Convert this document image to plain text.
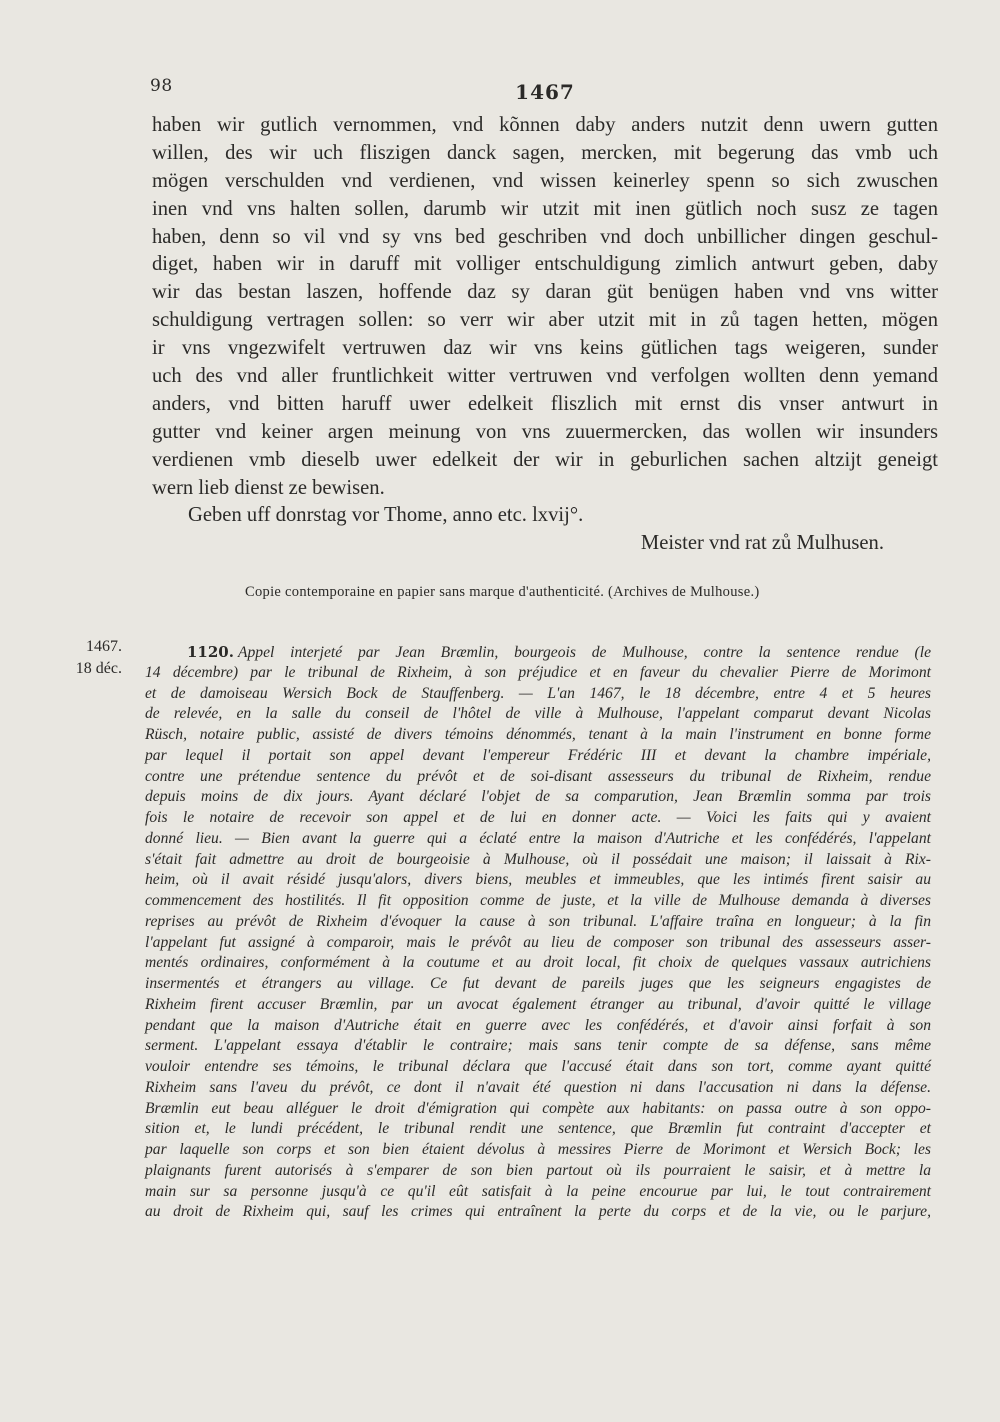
98	1467
haben wir gutlich vernommen, vnd kõnnen daby anders nutzit denn uwern gutten
willen, des wir uch fliszigen danck sagen, mercken, mit begerung das vmb uch
mögen verschulden vnd verdienen, vnd wissen keinerley spenn so sich zwuschen
inen vnd vns halten sollen, darumb wir utzit mit inen gütlich noch susz ze tagen
haben, denn so vil vnd sy vns bed geschriben vnd doch unbillicher dingen geschul-
diget, haben wir in daruff mit volliger entschuldigung zimlich antwurt geben, daby
wir das bestan laszen, hoffende daz sy daran güt benügen haben vnd vns witter
schuldigung vertragen sollen: so verr wir aber utzit mit in zů tagen hetten, mögen
ir vns vngezwifelt vertruwen daz wir vns keins gütlichen tags weigeren, sunder
uch des vnd aller fruntlichkeit witter vertruwen vnd verfolgen wollten denn yemand
anders, vnd bitten haruff uwer edelkeit fliszlich mit ernst dis vnser antwurt in
gutter vnd keiner argen meinung von vns zuuermercken, das wollen wir insunders
verdienen vmb dieselb uwer edelkeit der wir in geburlichen sachen altzijt geneigt
wern lieb dienst ze bewisen.
Geben uff donrstag vor Thome, anno etc. lxvij°.
Meister vnd rat zů Mulhusen.
Copie contemporaine en papier sans marque d'authenticité. (Archives de Mulhouse.)
1467.
18 déc.
1120. Appel interjeté par Jean Bræmlin, bourgeois de Mulhouse, contre la sentence rendue (le
14 décembre) par le tribunal de Rixheim, à son préjudice et en faveur du chevalier Pierre de Morimont
et de damoiseau Wersich Bock de Stauffenberg. — L'an 1467, le 18 décembre, entre 4 et 5 heures
de relevée, en la salle du conseil de l'hôtel de ville à Mulhouse, l'appelant comparut devant Nicolas
Rüsch, notaire public, assisté de divers témoins dénommés, tenant à la main l'instrument en bonne forme
par lequel il portait son appel devant l'empereur Frédéric III et devant la chambre impériale,
contre une prétendue sentence du prévôt et de soi-disant assesseurs du tribunal de Rixheim, rendue
depuis moins de dix jours. Ayant déclaré l'objet de sa comparution, Jean Bræmlin somma par trois
fois le notaire de recevoir son appel et de lui en donner acte. — Voici les faits qui y avaient
donné lieu. — Bien avant la guerre qui a éclaté entre la maison d'Autriche et les confédérés, l'appelant
s'était fait admettre au droit de bourgeoisie à Mulhouse, où il possédait une maison; il laissait à Rix-
heim, où il avait résidé jusqu'alors, divers biens, meubles et immeubles, que les intimés firent saisir au
commencement des hostilités. Il fit opposition comme de juste, et la ville de Mulhouse demanda à diverses
reprises au prévôt de Rixheim d'évoquer la cause à son tribunal. L'affaire traîna en longueur; à la fin
l'appelant fut assigné à comparoir, mais le prévôt au lieu de composer son tribunal des assesseurs asser-
mentés ordinaires, conformément à la coutume et au droit local, fit choix de quelques vassaux autrichiens
insermentés et étrangers au village. Ce fut devant de pareils juges que les seigneurs engagistes de
Rixheim firent accuser Bræmlin, par un avocat également étranger au tribunal, d'avoir quitté le village
pendant que la maison d'Autriche était en guerre avec les confédérés, et d'avoir ainsi forfait à son
serment. L'appelant essaya d'établir le contraire; mais sans tenir compte de sa défense, sans même
vouloir entendre ses témoins, le tribunal déclara que l'accusé était dans son tort, comme ayant quitté
Rixheim sans l'aveu du prévôt, ce dont il n'avait été question ni dans l'accusation ni dans la défense.
Bræmlin eut beau alléguer le droit d'émigration qui compète aux habitants: on passa outre à son oppo-
sition et, le lundi précédent, le tribunal rendit une sentence, que Bræmlin fut contraint d'accepter et
par laquelle son corps et son bien étaient dévolus à messires Pierre de Morimont et Wersich Bock; les
plaignants furent autorisés à s'emparer de son bien partout où ils pourraient le saisir, et à mettre la
main sur sa personne jusqu'à ce qu'il eût satisfait à la peine encourue par lui, le tout contrairement
au droit de Rixheim qui, sauf les crimes qui entraînent la perte du corps et de la vie, ou le parjure,
